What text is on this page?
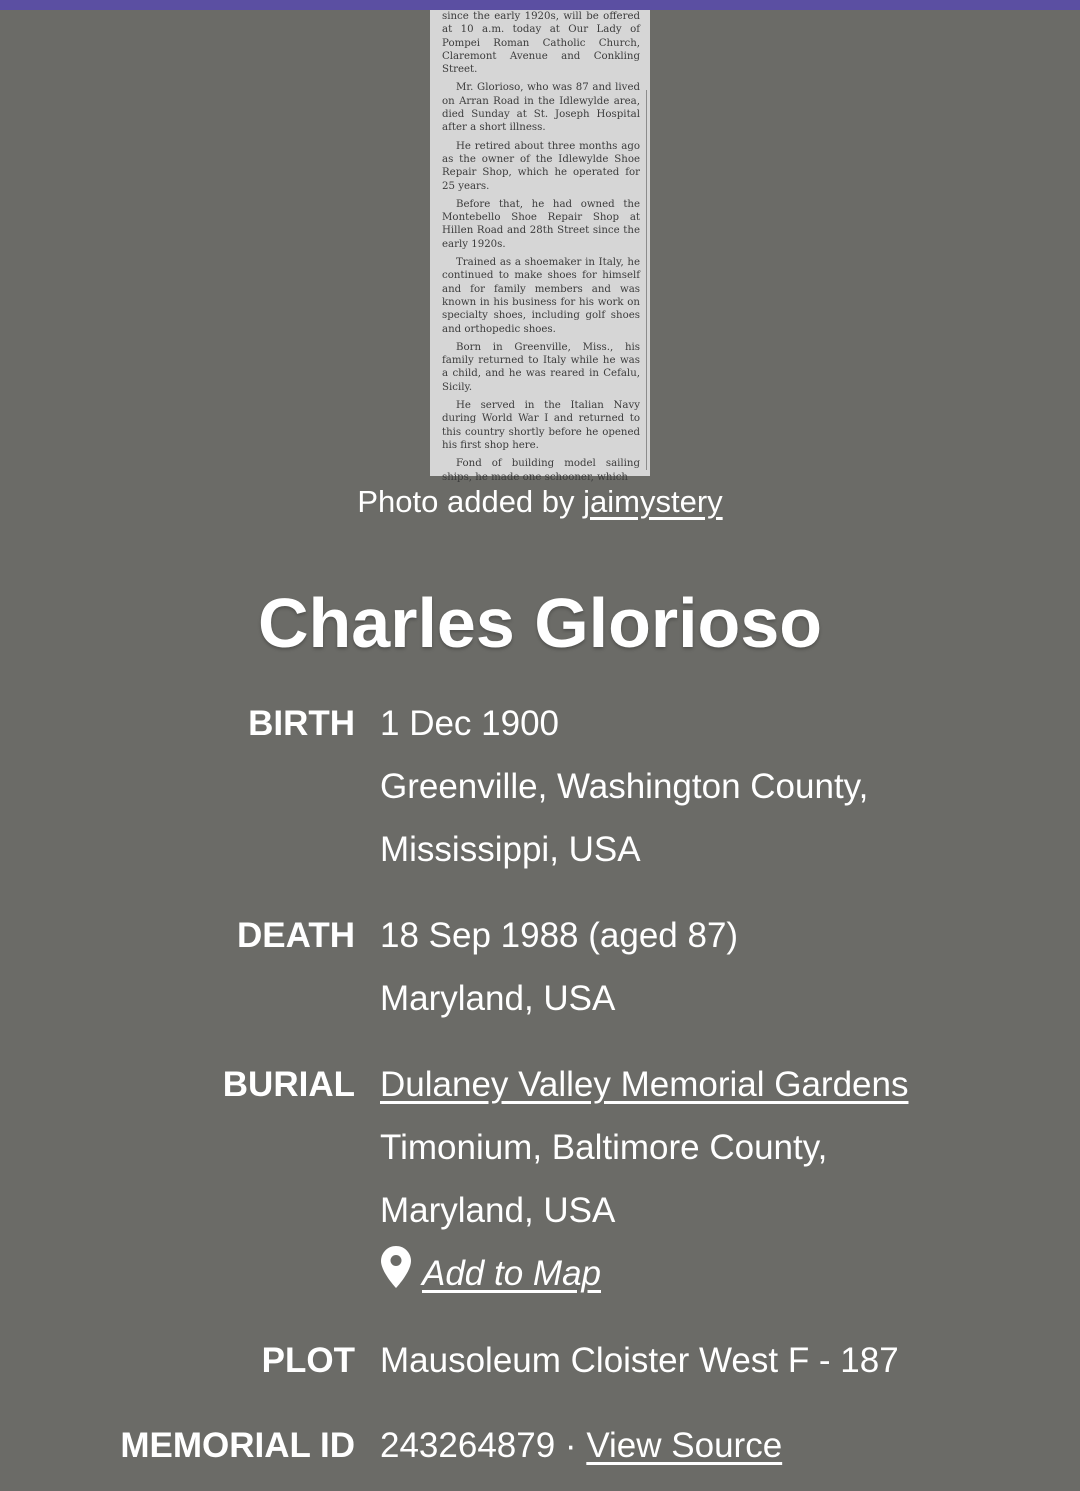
since the early 1920s, will be offered at 10 a.m. today at Our Lady of Pompei Roman Catholic Church, Claremont Avenue and Conkling Street.

Mr. Glorioso, who was 87 and lived on Arran Road in the Idlewylde area, died Sunday at St. Joseph Hospital after a short illness.

He retired about three months ago as the owner of the Idlewylde Shoe Repair Shop, which he operated for 25 years.

Before that, he had owned the Montebello Shoe Repair Shop at Hillen Road and 28th Street since the early 1920s.

Trained as a shoemaker in Italy, he continued to make shoes for himself and for family members and was known in his business for his work on specialty shoes, including golf shoes and orthopedic shoes.

Born in Greenville, Miss., his family returned to Italy while he was a child, and he was reared in Cefalu, Sicily.

He served in the Italian Navy during World War I and returned to this country shortly before he opened his first shop here.

Fond of building model sailing ships, he made one schooner, which

Photo added by jaimystery
Charles Glorioso
BIRTH 1 Dec 1900
Greenville, Washington County,
Mississippi, USA
DEATH 18 Sep 1988 (aged 87)
Maryland, USA
BURIAL Dulaney Valley Memorial Gardens
Timonium, Baltimore County,
Maryland, USA
Add to Map
PLOT Mausoleum Cloister West F - 187
MEMORIAL ID 243264879 · View Source
